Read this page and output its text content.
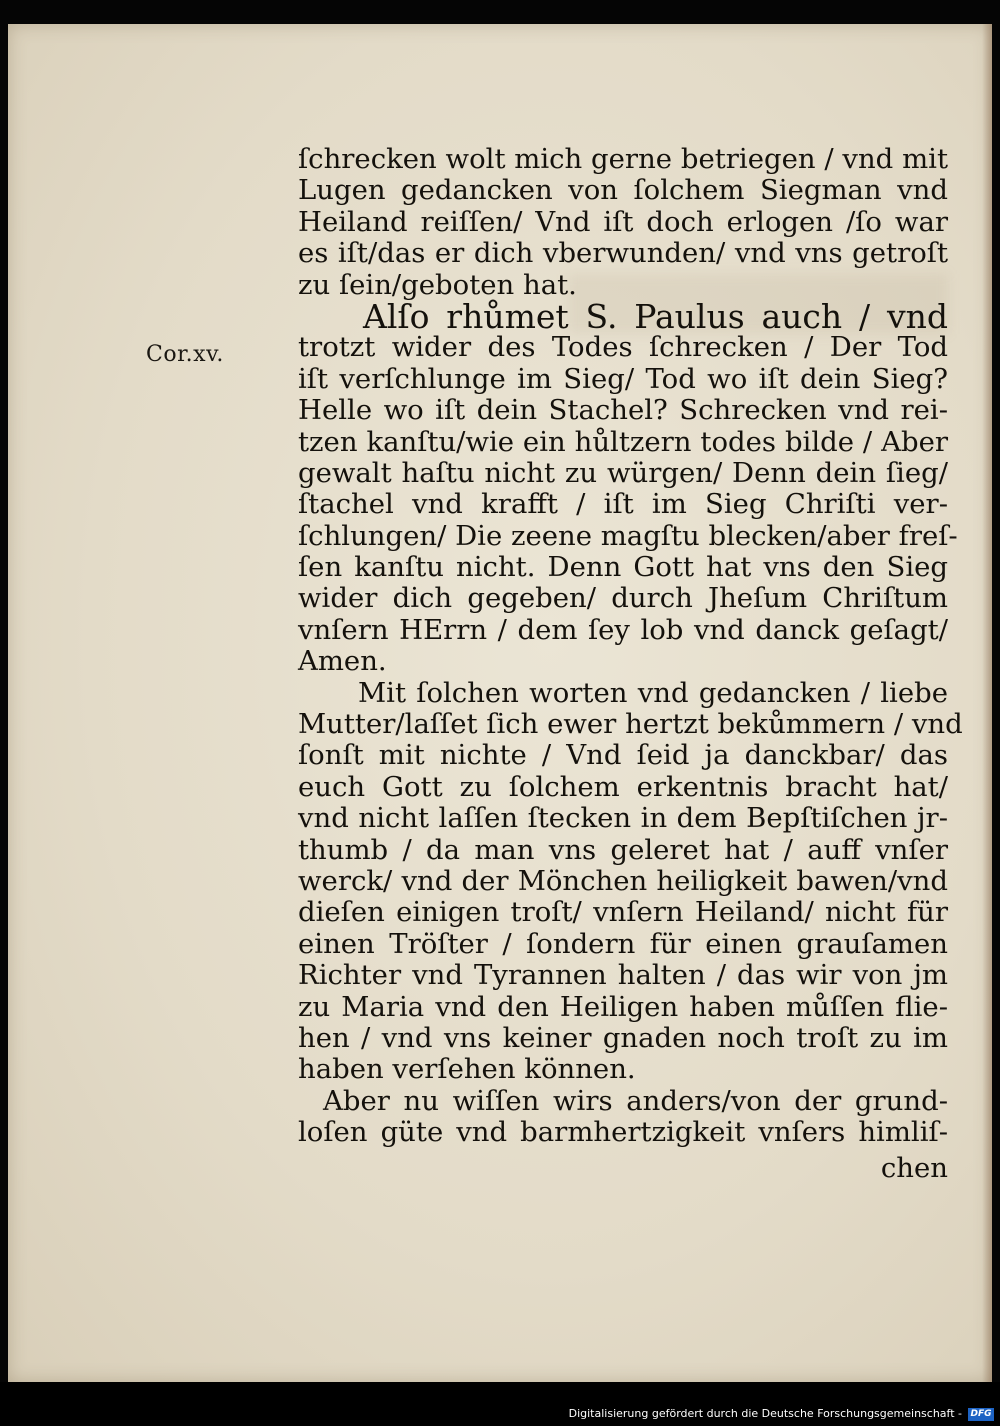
Cor.xv.
ſchrecken wolt mich gerne betriegen / vnd mit
Lugen gedancken von ſolchem Siegman vnd
Heiland reiſſen/ Vnd iſt doch erlogen /ſo war
es iſt/das er dich vberwunden/ vnd vns getroſt
zu ſein/geboten hat.
Alſo rhůmet S. Paulus auch / vnd
trotzt wider des Todes ſchrecken / Der Tod
iſt verſchlunge im Sieg/ Tod wo iſt dein Sieg?
Helle wo iſt dein Stachel? Schrecken vnd rei-
tzen kanſtu/wie ein hůltzern todes bilde / Aber
gewalt haſtu nicht zu würgen/ Denn dein ſieg/
ſtachel vnd krafft / iſt im Sieg Chriſti ver-
ſchlungen/ Die zeene magſtu blecken/aber freſ-
ſen kanſtu nicht. Denn Gott hat vns den Sieg
wider dich gegeben/ durch Jheſum Chriſtum
vnſern HErrn / dem ſey lob vnd danck geſagt/
Amen.
Mit ſolchen worten vnd gedancken / liebe
Mutter/laſſet ſich ewer hertzt bekůmmern / vnd
ſonſt mit nichte / Vnd ſeid ja danckbar/ das
euch Gott zu ſolchem erkentnis bracht hat/
vnd nicht laſſen ſtecken in dem Bepſtiſchen jr-
thumb / da man vns geleret hat / auff vnſer
werck/ vnd der Mönchen heiligkeit bawen/vnd
dieſen einigen troſt/ vnſern Heiland/ nicht für
einen Tröſter / ſondern für einen grauſamen
Richter vnd Tyrannen halten / das wir von jm
zu Maria vnd den Heiligen haben můſſen flie-
hen / vnd vns keiner gnaden noch troſt zu im
haben verſehen können.
Aber nu wiſſen wirs anders/von der grund-
loſen güte vnd barmhertzigkeit vnſers himliſ-
chen
Digitalisierung gefördert durch die Deutsche Forschungsgemeinschaft - DFG
